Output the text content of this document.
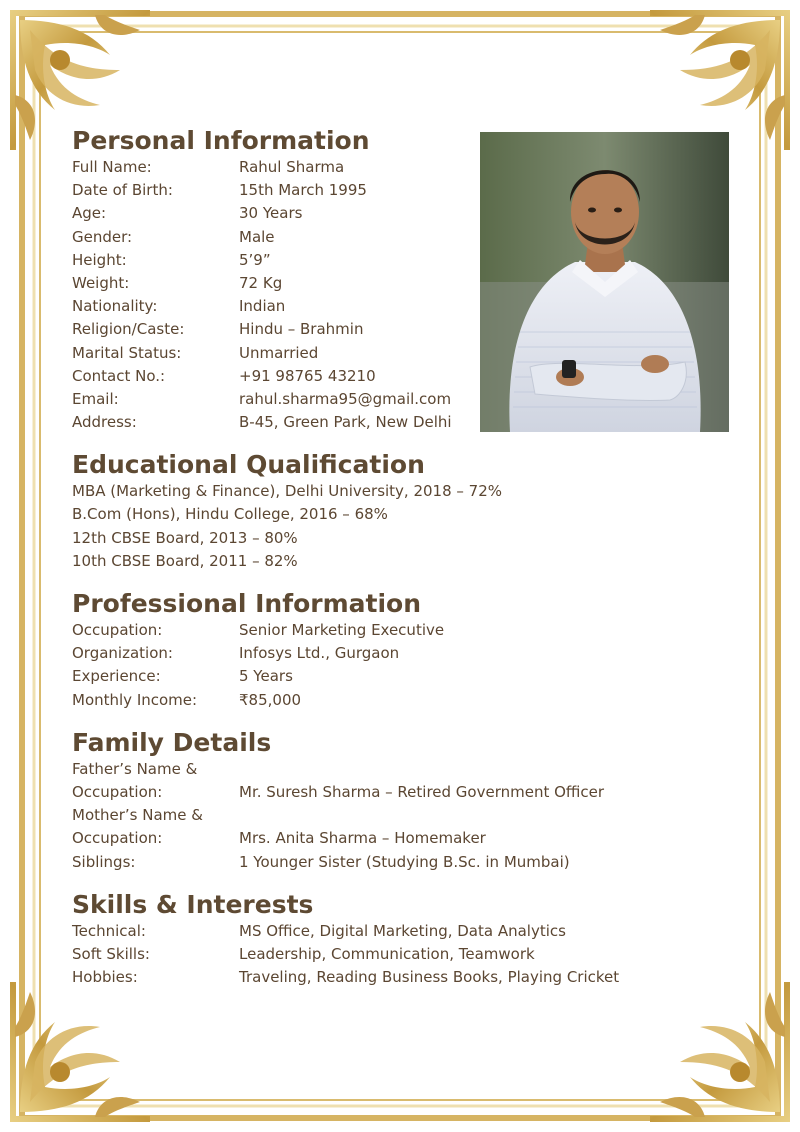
Personal Information
Full Name:	Rahul Sharma
Date of Birth:	15th March 1995
Age:	30 Years
Gender:	Male
Height:	5’9”
Weight:	72 Kg
Nationality:	Indian
Religion/Caste:	Hindu – Brahmin
Marital Status:	Unmarried
Contact No.:	+91 98765 43210
Email:	rahul.sharma95@gmail.com
Address:	B-45, Green Park, New Delhi
Educational Qualification
MBA (Marketing & Finance), Delhi University, 2018 – 72%
B.Com (Hons), Hindu College, 2016 – 68%
12th CBSE Board, 2013 – 80%
10th CBSE Board, 2011 – 82%
Professional Information
Occupation:	Senior Marketing Executive
Organization:	Infosys Ltd., Gurgaon
Experience:	5 Years
Monthly Income:	₹85,000
Family Details
Father’s Name &
Occupation:	Mr. Suresh Sharma – Retired Government Officer
Mother’s Name &
Occupation:	Mrs. Anita Sharma – Homemaker
Siblings:	1 Younger Sister (Studying B.Sc. in Mumbai)
Skills & Interests
Technical:	MS Office, Digital Marketing, Data Analytics
Soft Skills:	Leadership, Communication, Teamwork
Hobbies:	Traveling, Reading Business Books, Playing Cricket
